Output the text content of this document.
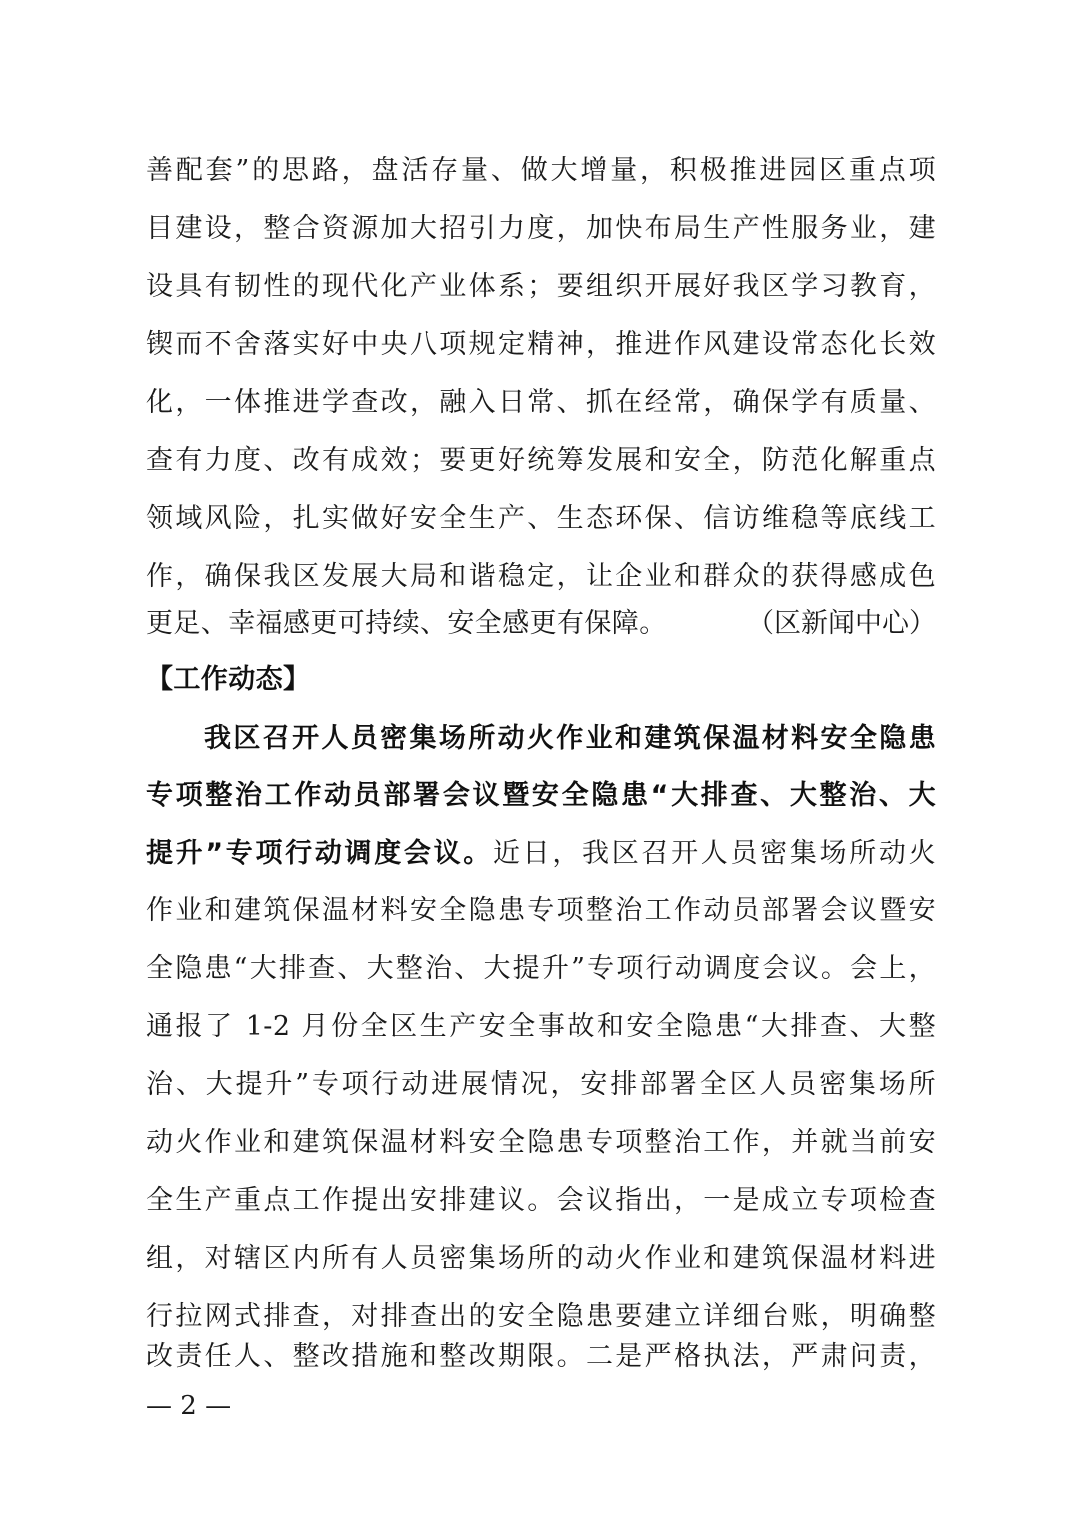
善配套”的思路，盘活存量、做大增量，积极推进园区重点项
目建设，整合资源加大招引力度，加快布局生产性服务业，建
设具有韧性的现代化产业体系；要组织开展好我区学习教育，
锲而不舍落实好中央八项规定精神，推进作风建设常态化长效
化，一体推进学查改，融入日常、抓在经常，确保学有质量、
查有力度、改有成效；要更好统筹发展和安全，防范化解重点
领域风险，扎实做好安全生产、生态环保、信访维稳等底线工
作，确保我区发展大局和谐稳定，让企业和群众的获得感成色
更足、幸福感更可持续、安全感更有保障。	（区新闻中心）
【工作动态】
我区召开人员密集场所动火作业和建筑保温材料安全隐患
专项整治工作动员部署会议暨安全隐患“大排查、大整治、大
提升”专项行动调度会议。近日，我区召开人员密集场所动火
作业和建筑保温材料安全隐患专项整治工作动员部署会议暨安
全隐患“大排查、大整治、大提升”专项行动调度会议。会上，
通报了 1-2 月份全区生产安全事故和安全隐患“大排查、大整
治、大提升”专项行动进展情况，安排部署全区人员密集场所
动火作业和建筑保温材料安全隐患专项整治工作，并就当前安
全生产重点工作提出安排建议。会议指出，一是成立专项检查
组，对辖区内所有人员密集场所的动火作业和建筑保温材料进
行拉网式排查，对排查出的安全隐患要建立详细台账，明确整
改责任人、整改措施和整改期限。二是严格执法，严肃问责，
— 2 —
